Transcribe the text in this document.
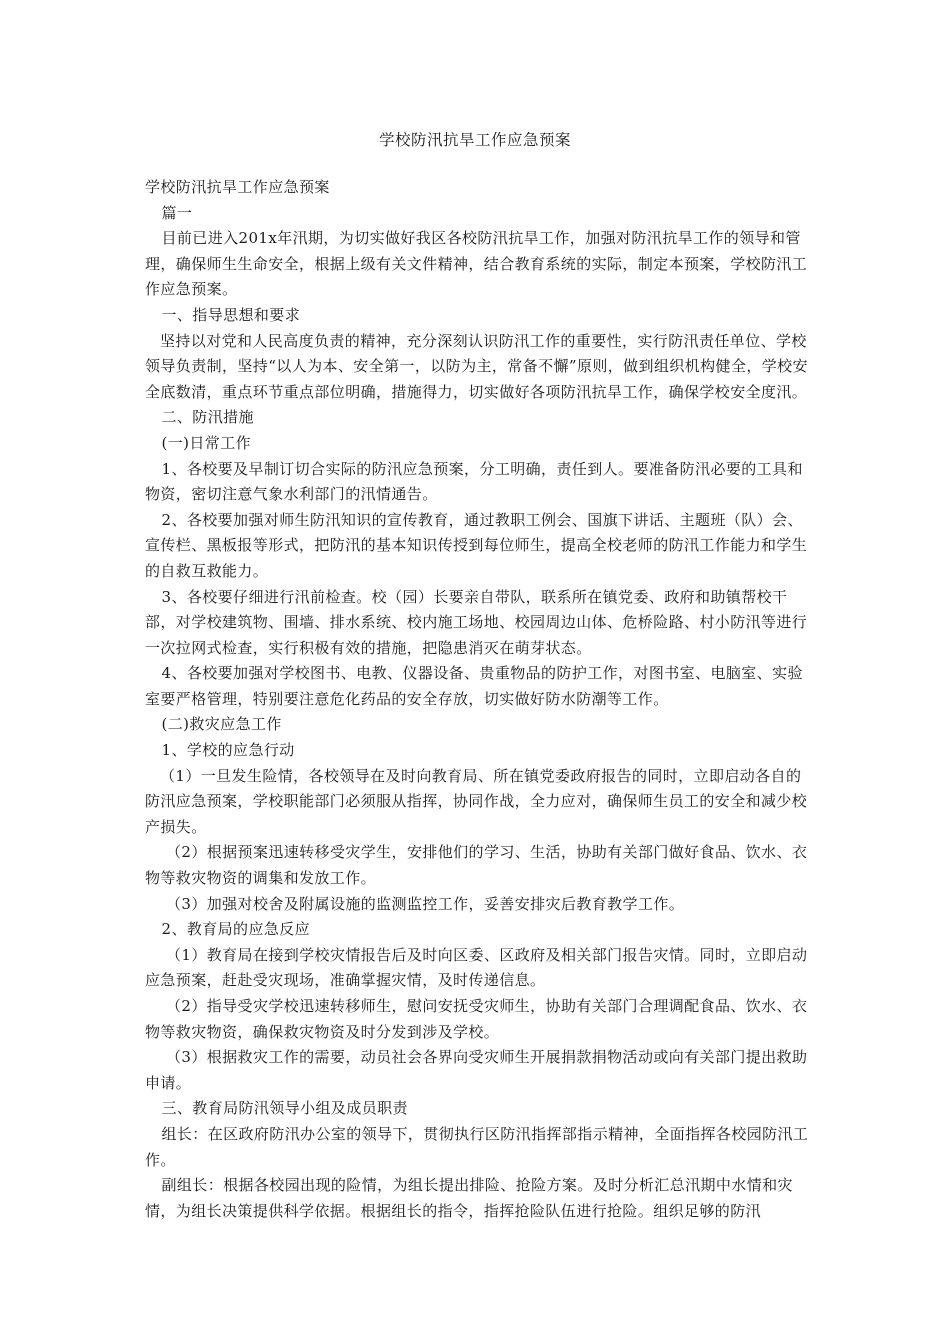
学校防汛抗旱工作应急预案

学校防汛抗旱工作应急预案

篇一

目前已进入201x年汛期，为切实做好我区各校防汛抗旱工作，加强对防汛抗旱工作的领导和管理，确保师生生命安全，根据上级有关文件精神，结合教育系统的实际，制定本预案，学校防汛工作应急预案。

一、指导思想和要求

坚持以对党和人民高度负责的精神，充分深刻认识防汛工作的重要性，实行防汛责任单位、学校领导负责制，坚持“以人为本、安全第一，以防为主，常备不懈”原则，做到组织机构健全，学校安全底数清，重点环节重点部位明确，措施得力，切实做好各项防汛抗旱工作，确保学校安全度汛。

二、防汛措施

(一)日常工作

1、各校要及早制订切合实际的防汛应急预案，分工明确，责任到人。要准备防汛必要的工具和物资，密切注意气象水利部门的汛情通告。

2、各校要加强对师生防汛知识的宣传教育，通过教职工例会、国旗下讲话、主题班（队）会、宣传栏、黑板报等形式，把防汛的基本知识传授到每位师生，提高全校老师的防汛工作能力和学生的自救互救能力。

3、各校要仔细进行汛前检查。校（园）长要亲自带队，联系所在镇党委、政府和助镇帮校干部，对学校建筑物、围墙、排水系统、校内施工场地、校园周边山体、危桥险路、村小防汛等进行一次拉网式检查，实行积极有效的措施，把隐患消灭在萌芽状态。

4、各校要加强对学校图书、电教、仪器设备、贵重物品的防护工作，对图书室、电脑室、实验室要严格管理，特别要注意危化药品的安全存放，切实做好防水防潮等工作。

(二)救灾应急工作

1、学校的应急行动

（1）一旦发生险情，各校领导在及时向教育局、所在镇党委政府报告的同时，立即启动各自的防汛应急预案，学校职能部门必须服从指挥，协同作战，全力应对，确保师生员工的安全和减少校产损失。

（2）根据预案迅速转移受灾学生，安排他们的学习、生活，协助有关部门做好食品、饮水、衣物等救灾物资的调集和发放工作。

（3）加强对校舍及附属设施的监测监控工作，妥善安排灾后教育教学工作。

2、教育局的应急反应

（1）教育局在接到学校灾情报告后及时向区委、区政府及相关部门报告灾情。同时，立即启动应急预案，赶赴受灾现场，准确掌握灾情，及时传递信息。

（2）指导受灾学校迅速转移师生，慰问安抚受灾师生，协助有关部门合理调配食品、饮水、衣物等救灾物资，确保救灾物资及时分发到涉及学校。

（3）根据救灾工作的需要，动员社会各界向受灾师生开展捐款捐物活动或向有关部门提出救助申请。

三、教育局防汛领导小组及成员职责

组长：在区政府防汛办公室的领导下，贯彻执行区防汛指挥部指示精神，全面指挥各校园防汛工作。

副组长：根据各校园出现的险情，为组长提出排险、抢险方案。及时分析汇总汛期中水情和灾情，为组长决策提供科学依据。根据组长的指令，指挥抢险队伍进行抢险。组织足够的防汛
